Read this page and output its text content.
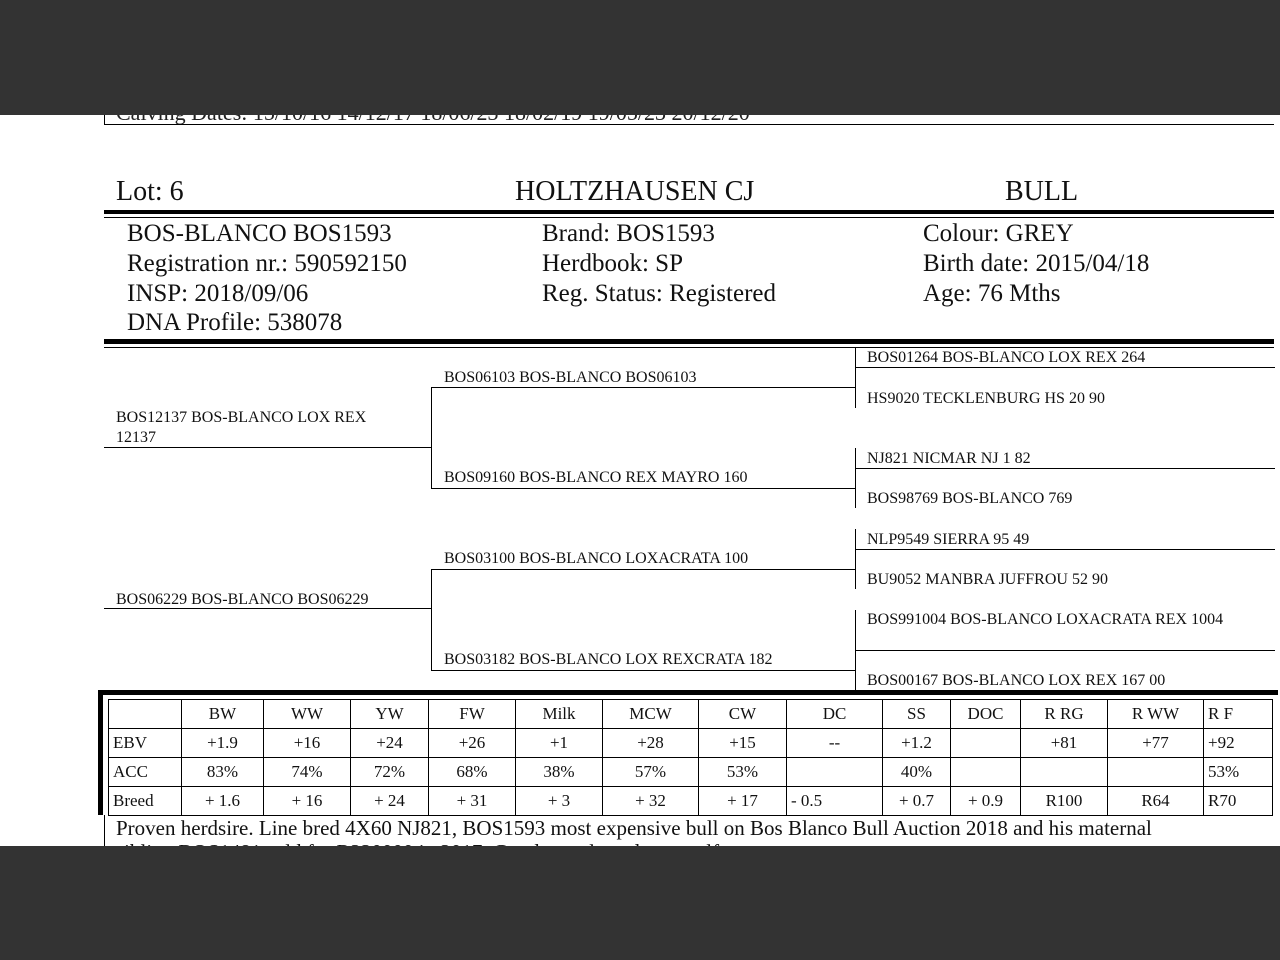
Lot: 6	HOLTZHAUSEN CJ	BULL
BOS-BLANCO BOS1593
Registration nr.: 590592150
INSP: 2018/09/06
DNA Profile: 538078
Brand: BOS1593
Herdbook: SP
Reg. Status: Registered
Colour: GREY
Birth date: 2015/04/18
Age: 76 Mths
BOS12137 BOS-BLANCO LOX REX 12137
BOS06229 BOS-BLANCO BOS06229
BOS06103 BOS-BLANCO BOS06103
BOS09160 BOS-BLANCO REX MAYRO 160
BOS03100 BOS-BLANCO LOXACRATA 100
BOS03182 BOS-BLANCO LOX REXCRATA 182
BOS01264 BOS-BLANCO LOX REX 264
HS9020 TECKLENBURG HS 20 90
NJ821 NICMAR NJ 1 82
BOS98769 BOS-BLANCO 769
NLP9549 SIERRA 95 49
BU9052 MANBRA JUFFROU 52 90
BOS991004 BOS-BLANCO LOXACRATA REX 1004
BOS00167 BOS-BLANCO LOX REX 167 00
	BW	WW	YW	FW	Milk	MCW	CW	DC	SS	DOC	R RG	R WW	R F
EBV	+1.9	+16	+24	+26	+1	+28	+15	--	+1.2		+81	+77	+92
ACC	83%	74%	72%	68%	38%	57%	53%		40%				53%
Breed	+ 1.6	+ 16	+ 24	+ 31	+ 3	+ 32	+ 17	- 0.5	+ 0.7	+ 0.9	R100	R64	R70
Proven herdsire. Line bred 4X60 NJ821, BOS1593 most expensive bull on Bos Blanco Bull Auction 2018 and his maternal
